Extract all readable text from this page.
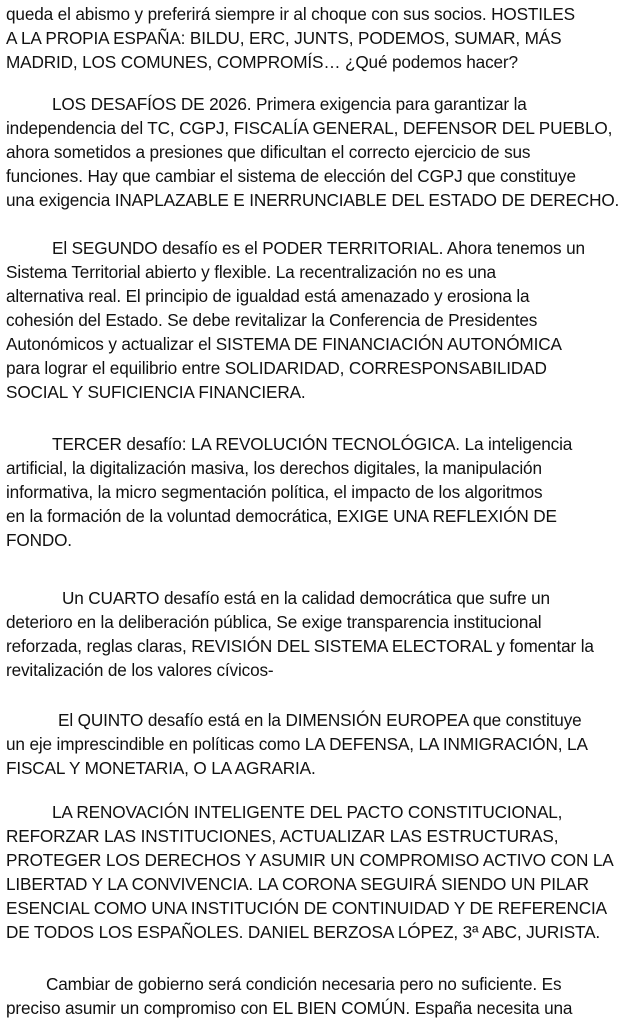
queda el abismo y preferirá siempre ir al choque con sus socios. HOSTILES
A LA PROPIA ESPAÑA: BILDU, ERC, JUNTS, PODEMOS, SUMAR, MÁS
MADRID, LOS COMUNES, COMPROMÍS… ¿Qué podemos hacer?

LOS DESAFÍOS DE 2026. Primera exigencia para garantizar la
independencia del TC, CGPJ, FISCALÍA GENERAL, DEFENSOR DEL PUEBLO,
ahora sometidos a presiones que dificultan el correcto ejercicio de sus
funciones. Hay que cambiar el sistema de elección del CGPJ que constituye
una exigencia INAPLAZABLE E INERRUNCIABLE DEL ESTADO DE DERECHO.

El SEGUNDO desafío es el PODER TERRITORIAL. Ahora tenemos un
Sistema Territorial abierto y flexible. La recentralización no es una
alternativa real. El principio de igualdad está amenazado y erosiona la
cohesión del Estado. Se debe revitalizar la Conferencia de Presidentes
Autonómicos y actualizar el SISTEMA DE FINANCIACIÓN AUTONÓMICA
para lograr el equilibrio entre SOLIDARIDAD, CORRESPONSABILIDAD
SOCIAL Y SUFICIENCIA FINANCIERA.

TERCER desafío: LA REVOLUCIÓN TECNOLÓGICA. La inteligencia
artificial, la digitalización masiva, los derechos digitales, la manipulación
informativa, la micro segmentación política, el impacto de los algoritmos
en la formación de la voluntad democrática, EXIGE UNA REFLEXIÓN DE
FONDO.

Un CUARTO desafío está en la calidad democrática que sufre un
deterioro en la deliberación pública, Se exige transparencia institucional
reforzada, reglas claras, REVISIÓN DEL SISTEMA ELECTORAL y fomentar la
revitalización de los valores cívicos-

El QUINTO desafío está en la DIMENSIÓN EUROPEA que constituye
un eje imprescindible en políticas como LA DEFENSA, LA INMIGRACIÓN, LA
FISCAL Y MONETARIA, O LA AGRARIA.

LA RENOVACIÓN INTELIGENTE DEL PACTO CONSTITUCIONAL,
REFORZAR LAS INSTITUCIONES, ACTUALIZAR LAS ESTRUCTURAS,
PROTEGER LOS DERECHOS Y ASUMIR UN COMPROMISO ACTIVO CON LA
LIBERTAD Y LA CONVIVENCIA. LA CORONA SEGUIRÁ SIENDO UN PILAR
ESENCIAL COMO UNA INSTITUCIÓN DE CONTINUIDAD Y DE REFERENCIA
DE TODOS LOS ESPAÑOLES. DANIEL BERZOSA LÓPEZ, 3ª ABC, JURISTA.

Cambiar de gobierno será condición necesaria pero no suficiente. Es
preciso asumir un compromiso con EL BIEN COMÚN. España necesita una
